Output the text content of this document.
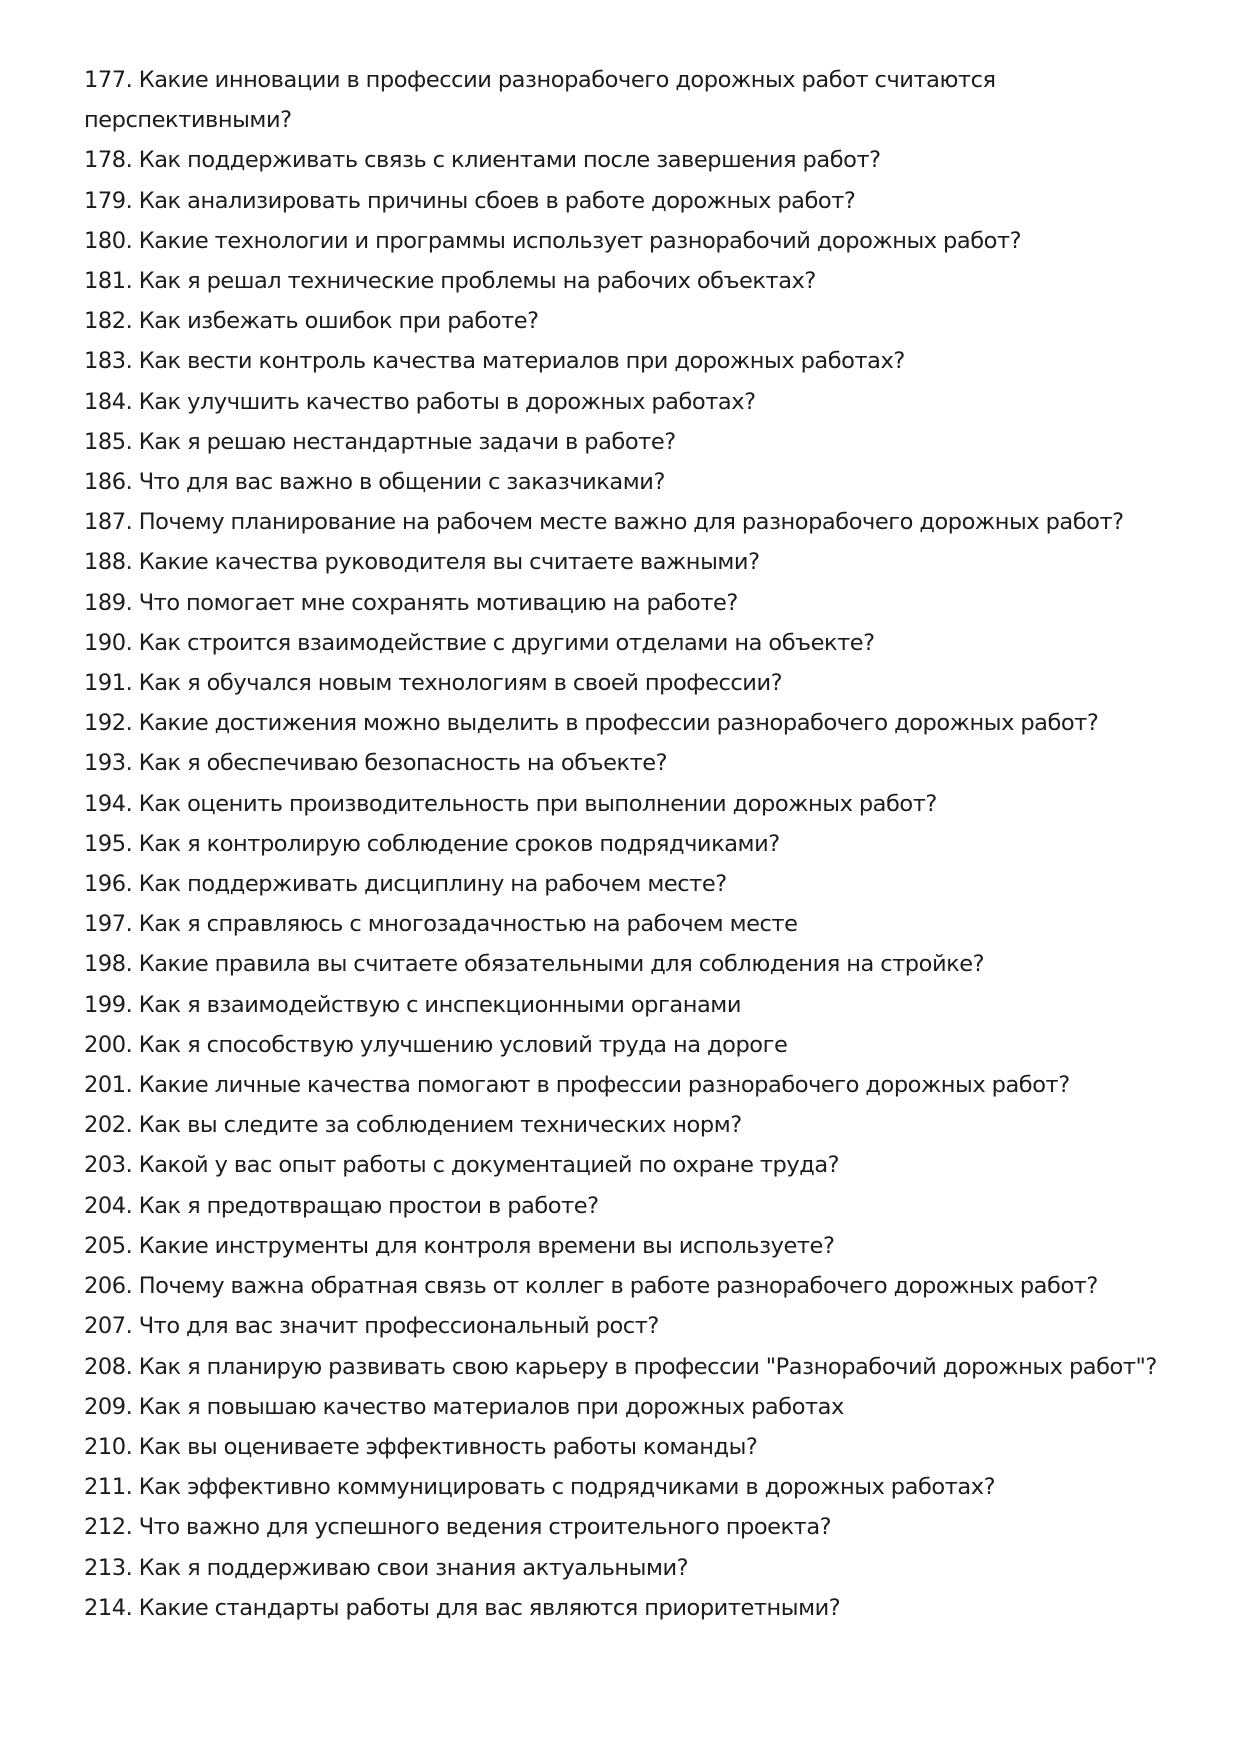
177. Какие инновации в профессии разнорабочего дорожных работ считаются перспективными?

178. Как поддерживать связь с клиентами после завершения работ?

179. Как анализировать причины сбоев в работе дорожных работ?

180. Какие технологии и программы использует разнорабочий дорожных работ?

181. Как я решал технические проблемы на рабочих объектах?

182. Как избежать ошибок при работе?

183. Как вести контроль качества материалов при дорожных работах?

184. Как улучшить качество работы в дорожных работах?

185. Как я решаю нестандартные задачи в работе?

186. Что для вас важно в общении с заказчиками?

187. Почему планирование на рабочем месте важно для разнорабочего дорожных работ?

188. Какие качества руководителя вы считаете важными?

189. Что помогает мне сохранять мотивацию на работе?

190. Как строится взаимодействие с другими отделами на объекте?

191. Как я обучался новым технологиям в своей профессии?

192. Какие достижения можно выделить в профессии разнорабочего дорожных работ?

193. Как я обеспечиваю безопасность на объекте?

194. Как оценить производительность при выполнении дорожных работ?

195. Как я контролирую соблюдение сроков подрядчиками?

196. Как поддерживать дисциплину на рабочем месте?

197. Как я справляюсь с многозадачностью на рабочем месте

198. Какие правила вы считаете обязательными для соблюдения на стройке?

199. Как я взаимодействую с инспекционными органами

200. Как я способствую улучшению условий труда на дороге

201. Какие личные качества помогают в профессии разнорабочего дорожных работ?

202. Как вы следите за соблюдением технических норм?

203. Какой у вас опыт работы с документацией по охране труда?

204. Как я предотвращаю простои в работе?

205. Какие инструменты для контроля времени вы используете?

206. Почему важна обратная связь от коллег в работе разнорабочего дорожных работ?

207. Что для вас значит профессиональный рост?

208. Как я планирую развивать свою карьеру в профессии "Разнорабочий дорожных работ"?

209. Как я повышаю качество материалов при дорожных работах

210. Как вы оцениваете эффективность работы команды?

211. Как эффективно коммуницировать с подрядчиками в дорожных работах?

212. Что важно для успешного ведения строительного проекта?

213. Как я поддерживаю свои знания актуальными?

214. Какие стандарты работы для вас являются приоритетными?
